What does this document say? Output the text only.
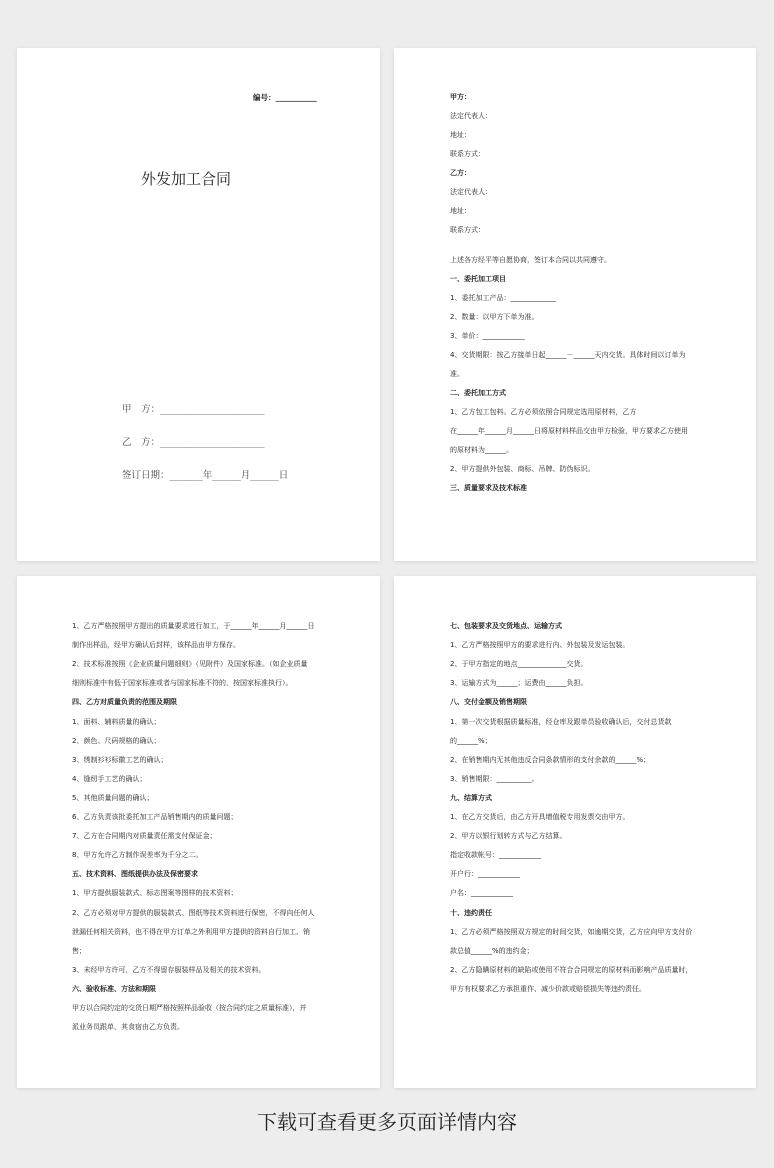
编号：___________
外发加工合同
甲　方：______________________
乙　方：______________________
签订日期：_______年______月______日
甲方：
法定代表人：
地址：
联系方式：
乙方：
法定代表人：
地址：
联系方式：
上述各方经平等自愿协商，签订本合同以共同遵守。
一、委托加工项目
1、委托加工产品：_____________
2、数量：以甲方下单为准。
3、单价：____________
4、交货期限：按乙方接单日起______－______天内交货。具体时间以订单为
准。
二、委托加工方式
1、乙方包工包料。乙方必须依照合同规定选用原材料，乙方
在______年______月______日将原材料样品交由甲方检验，甲方要求乙方使用
的原材料为______。
2、甲方提供外包装、商标、吊牌、防伪标识。
三、质量要求及技术标准
1、乙方严格按照甲方提出的质量要求进行加工，于______年______月______日
制作出样品，经甲方确认后封样，该样品由甲方保存。
2、技术标准按照《企业质量问题细则》（见附件）及国家标准。（如企业质量
细则标准中有低于国家标准或者与国家标准不符的，按国家标准执行）。
四、乙方对质量负责的范围及期限
1、面料、辅料质量的确认；
2、颜色、尺码规格的确认；
3、绣制衫衫标徽工艺的确认；
4、缝纫手工艺的确认；
5、其他质量问题的确认；
6、乙方负责该批委托加工产品销售期内的质量问题；
7、乙方在合同期内对质量责任需支付保证金；
8、甲方允许乙方制作误差率为千分之二。
五、技术资料、图纸提供办法及保密要求
1、甲方提供服装款式、标志图案等图样的技术资料；
2、乙方必须对甲方提供的服装款式、图纸等技术资料进行保密，不得向任何人
泄漏任何相关资料，也不得在甲方订单之外利用甲方提供的资料自行加工、销
售；
3、未经甲方许可，乙方不得留存服装样品及相关的技术资料。
六、验收标准、方法和期限
甲方以合同约定的交货日期严格按照样品验收（按合同约定之质量标准），并
派业务员跟单，其食宿由乙方负责。
七、包装要求及交货地点、运输方式
1、乙方严格按照甲方的要求进行内、外包装及发运包装。
2、于甲方指定的地点______________交货。
3、运输方式为______；运费由______负担。
八、交付金额及销售期限
1、第一次交货根据质量标准，经仓库及跟单员验收确认后，交付总货款
的______%；
2、在销售期内无其他违反合同条款情形的支付余款的______%；
3、销售期限：__________。
九、结算方式
1、在乙方交货后，由乙方开具增值税专用发票交由甲方。
2、甲方以银行划转方式与乙方结算。
指定收款帐号：____________
开户行：____________
户名：____________
十、违约责任
1、乙方必须严格按照双方规定的时间交货，如逾期交货，乙方应向甲方支付价
款总值______%的违约金；
2、乙方隐瞒原材料的缺陷或使用不符合合同规定的原材料而影响产品质量时，
甲方有权要求乙方承担重作、减少价款或赔偿损失等违约责任。
下载可查看更多页面详情内容
